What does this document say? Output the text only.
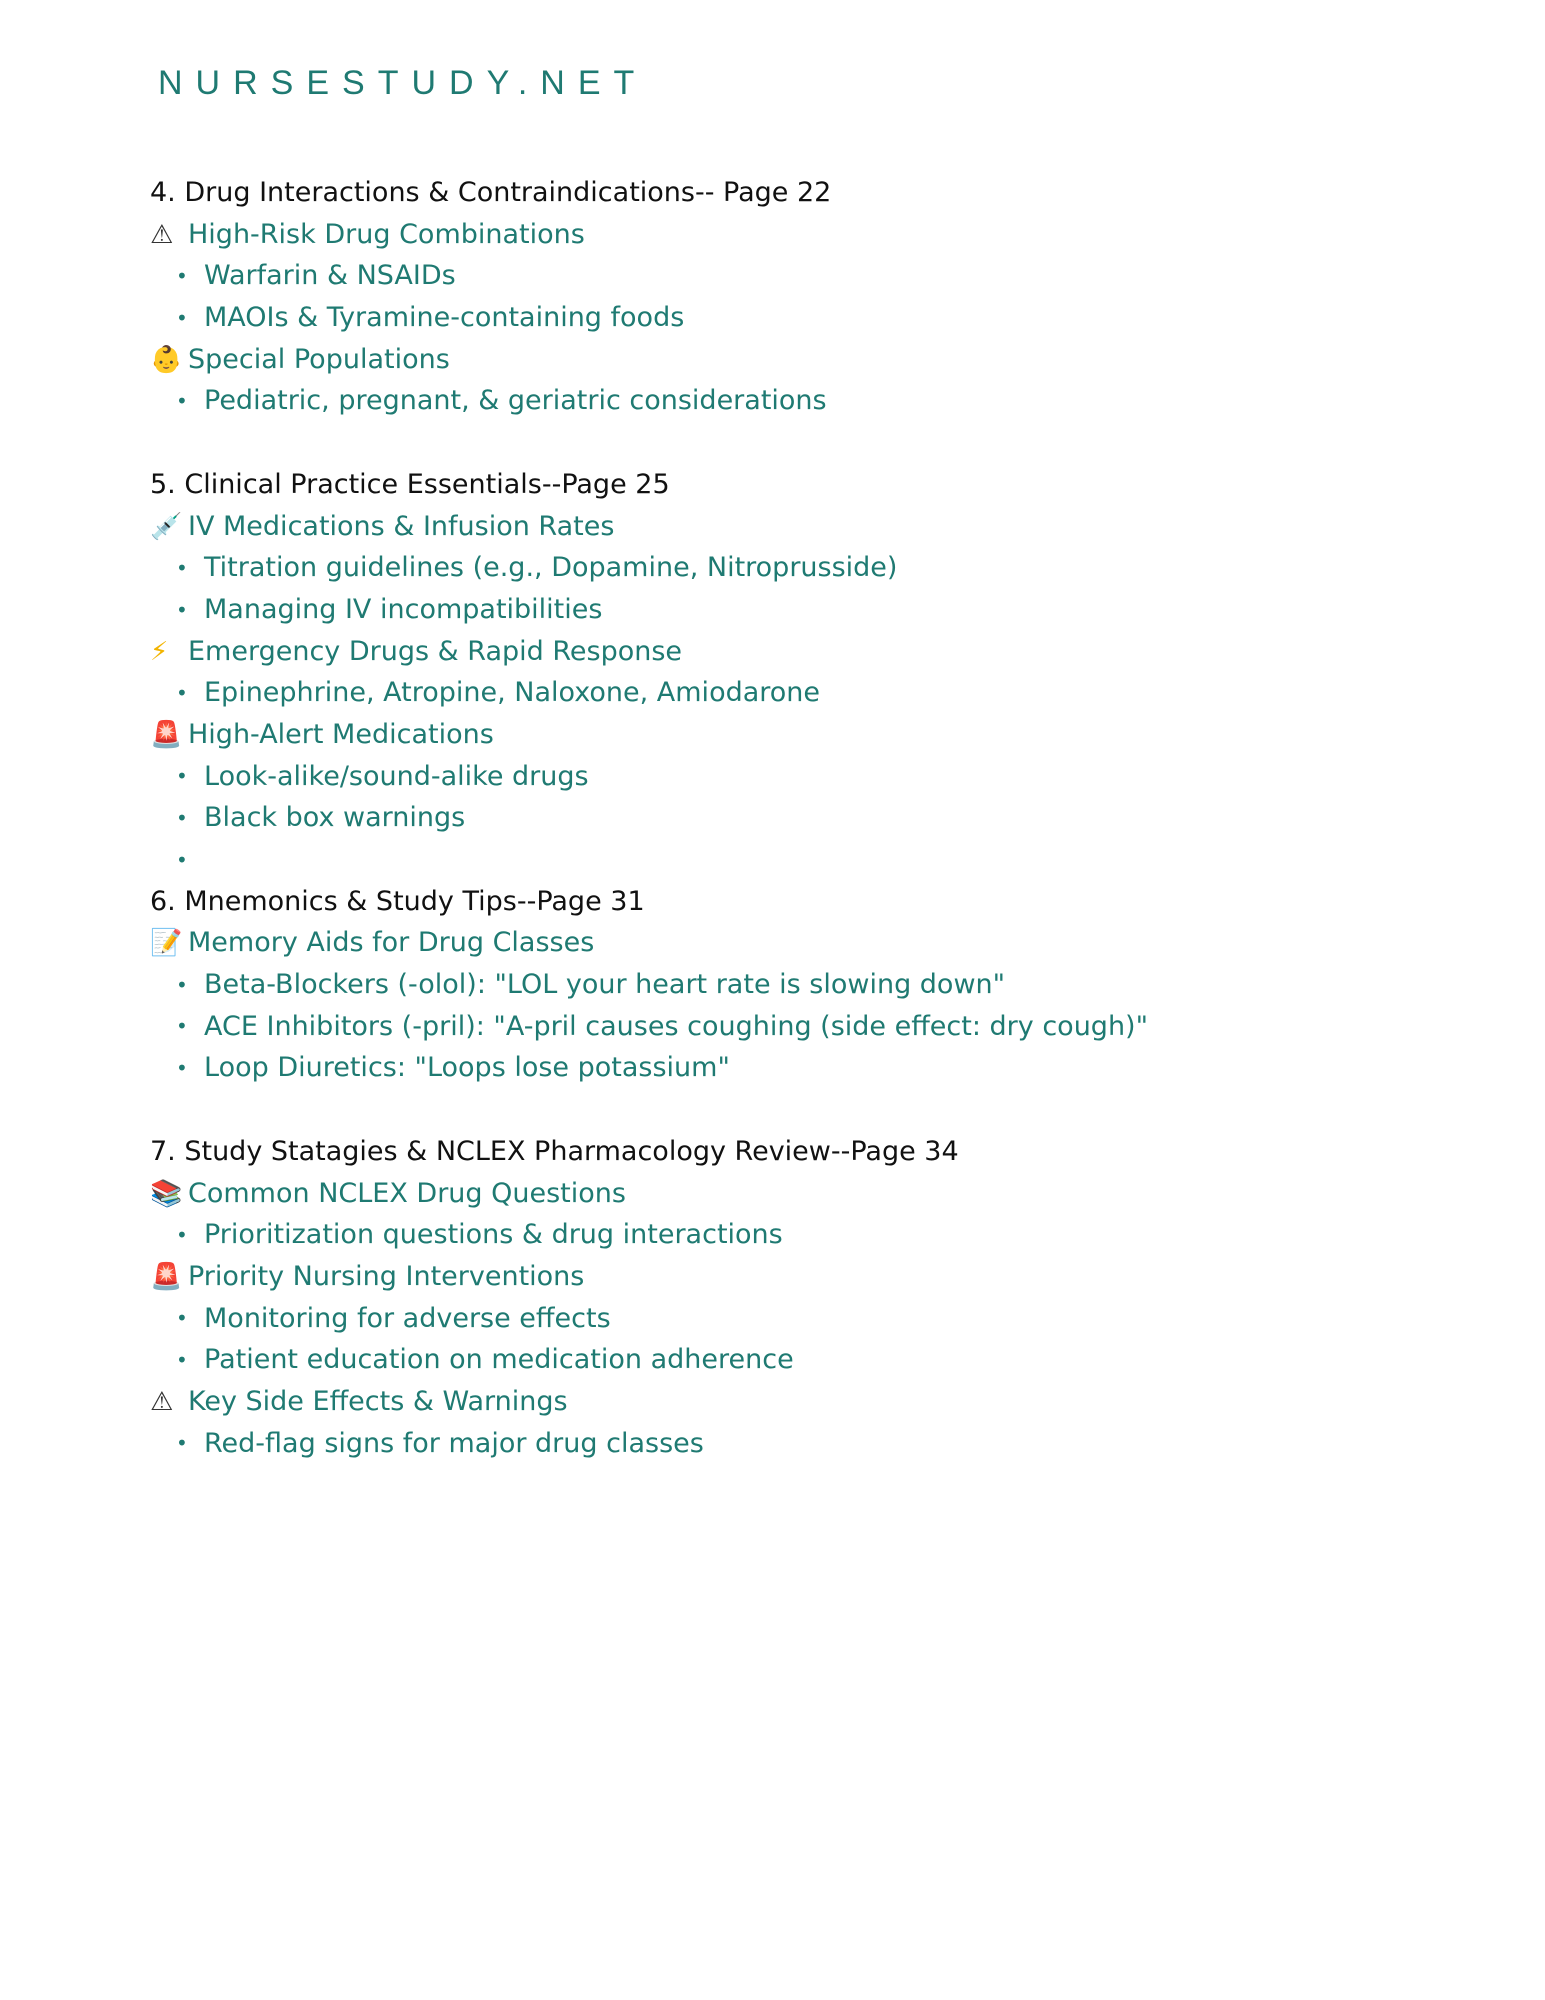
NURSESTUDY.NET
4. Drug Interactions & Contraindications-- Page 22
⚠ High-Risk Drug Combinations
• Warfarin & NSAIDs
• MAOIs & Tyramine-containing foods
👶 Special Populations
• Pediatric, pregnant, & geriatric considerations
5. Clinical Practice Essentials--Page 25
💉 IV Medications & Infusion Rates
• Titration guidelines (e.g., Dopamine, Nitroprusside)
• Managing IV incompatibilities
⚡ Emergency Drugs & Rapid Response
• Epinephrine, Atropine, Naloxone, Amiodarone
🚨 High-Alert Medications
• Look-alike/sound-alike drugs
• Black box warnings
•
6. Mnemonics & Study Tips--Page 31
📝 Memory Aids for Drug Classes
• Beta-Blockers (-olol): "LOL your heart rate is slowing down"
• ACE Inhibitors (-pril): "A-pril causes coughing (side effect: dry cough)"
• Loop Diuretics: "Loops lose potassium"
7. Study Statagies & NCLEX Pharmacology Review--Page 34
📚 Common NCLEX Drug Questions
• Prioritization questions & drug interactions
🚨 Priority Nursing Interventions
• Monitoring for adverse effects
• Patient education on medication adherence
⚠ Key Side Effects & Warnings
• Red-flag signs for major drug classes
